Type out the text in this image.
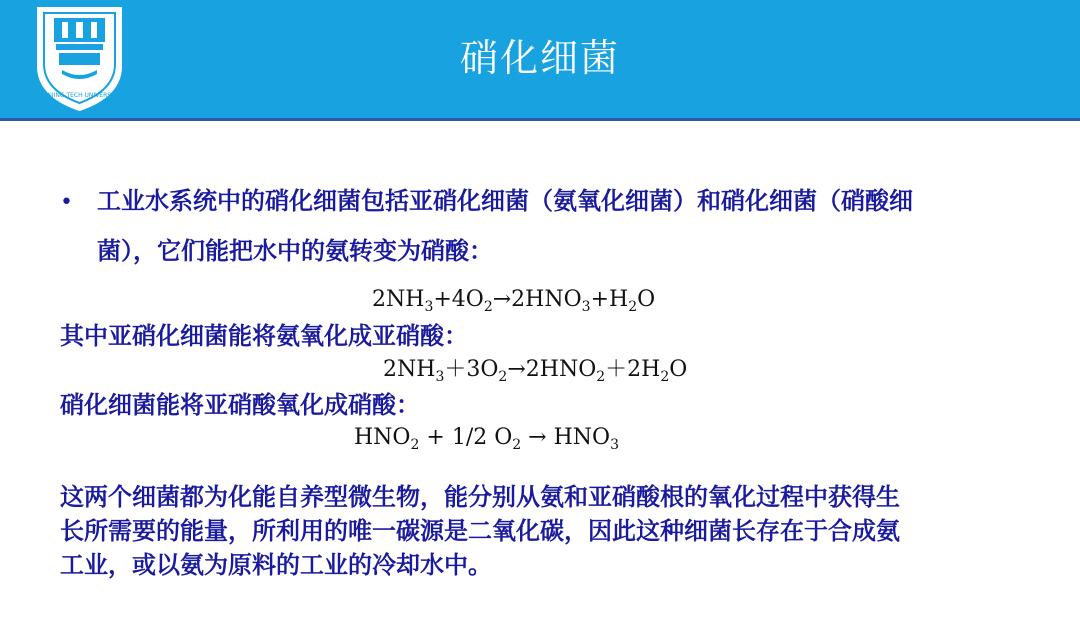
NANJING TECH UNIVERSITY
硝化细菌
• 工业水系统中的硝化细菌包括亚硝化细菌（氨氧化细菌）和硝化细菌（硝酸细
菌），它们能把水中的氨转变为硝酸：
$2NH_3+4O_2\to 2HNO_3+H_2O$
其中亚硝化细菌能将氨氧化成亚硝酸：
$2NH_3+3O_2\to 2HNO_2+2H_2O$
硝化细菌能将亚硝酸氧化成硝酸：
$HNO_2 + 1/2$ $O_2 \to HNO_3$
这两个细菌都为化能自养型微生物，能分别从氨和亚硝酸根的氧化过程中获得生
长所需要的能量，所利用的唯一碳源是二氧化碳，因此这种细菌长存在于合成氨
工业，或以氨为原料的工业的冷却水中。
